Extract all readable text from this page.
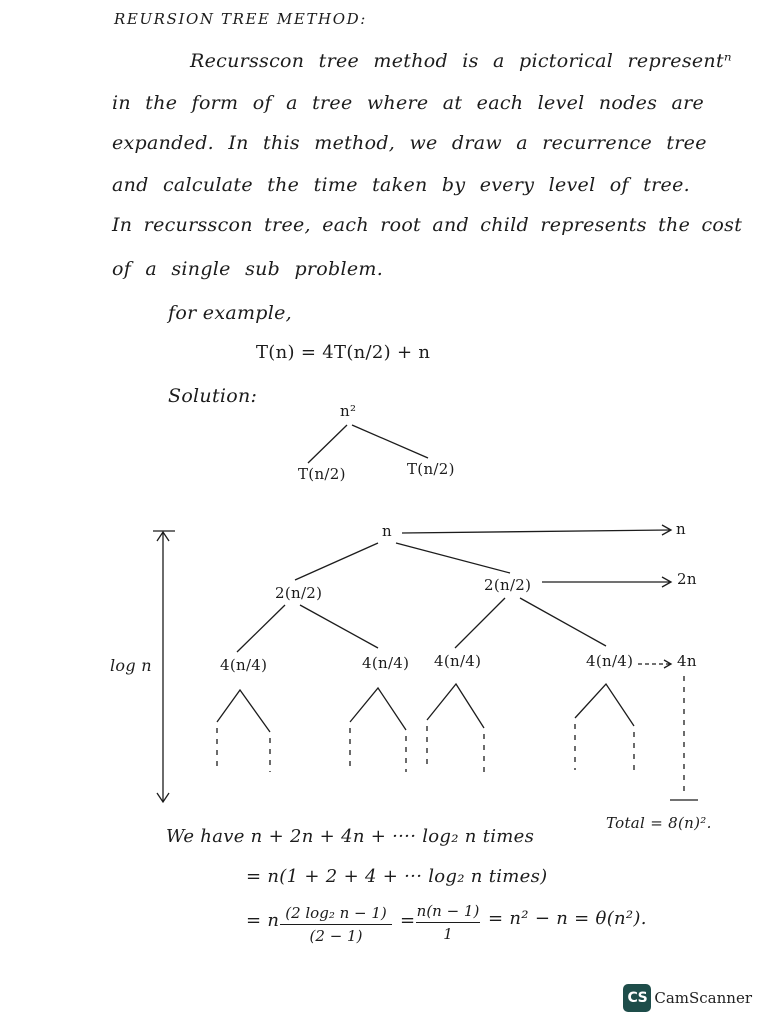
REURSION TREE METHOD:
Recursscon tree method is a pictorical representⁿ
in the form of a tree where at each level nodes are
expanded. In this method, we draw a recurrence tree
and calculate the time taken by every level of tree.
In recursscon tree, each root and child represents the cost
of a single sub problem.
for example,
T(n) = 4T(n/2) + n
Solution:
n²
T(n/2)	T(n/2)
n
2(n/2)	2(n/2)
4(n/4)	4(n/4) 4(n/4)	4(n/4)
n
2n
4n
log n
Total = 8(n)².
We have n + 2n + 4n + ···· log₂ n times
= n(1 + 2 + 4 + ··· log₂ n times)
= n (2 log₂ n − 1)
(2 − 1)
= n(n − 1)
1
= n² − n = θ(n²).
CS CamScanner
